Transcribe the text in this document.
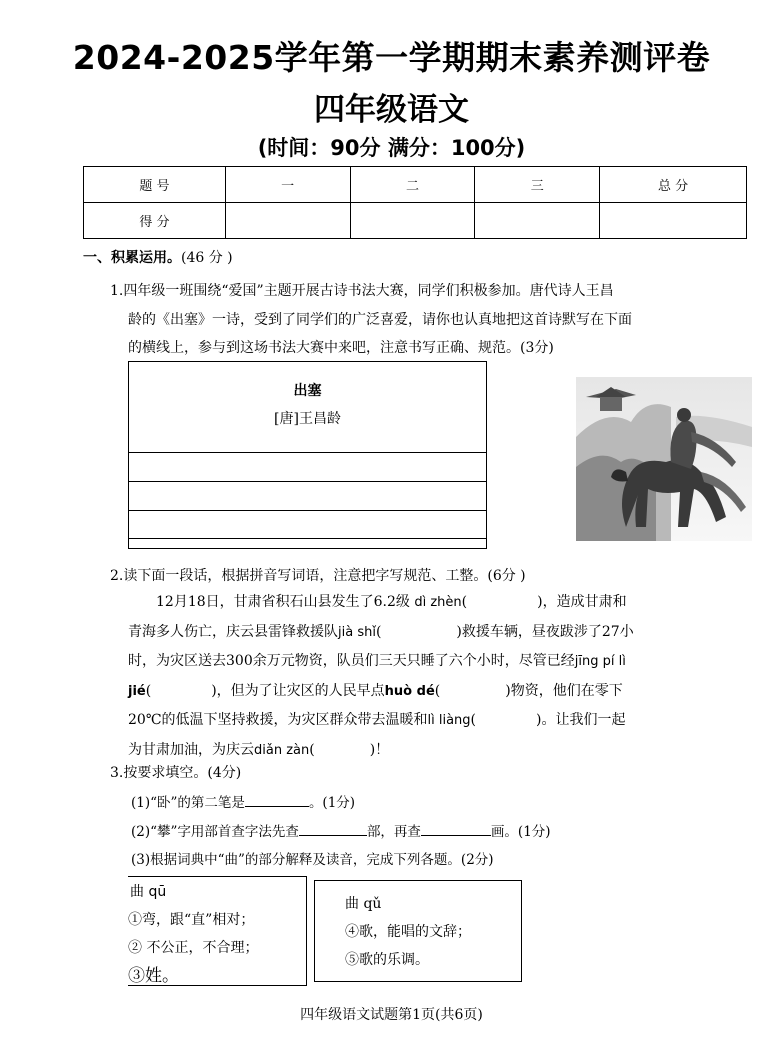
2024-2025学年第一学期期末素养测评卷
四年级语文
(时间：90分 满分：100分)
题 号	一	二	三	总 分
得 分				
一、积累运用。(46 分 )
1.四年级一班围绕“爱国”主题开展古诗书法大赛，同学们积极参加。唐代诗人王昌
龄的《出塞》一诗，受到了同学们的广泛喜爱，请你也认真地把这首诗默写在下面
的横线上，参与到这场书法大赛中来吧，注意书写正确、规范。(3分)
出塞
[唐]王昌龄
2.读下面一段话，根据拼音写词语，注意把字写规范、工整。(6分 )
12月18日，甘肃省积石山县发生了6.2级 dì zhèn(	)，造成甘肃和
青海多人伤亡，庆云县雷锋救援队jià shǐ(	)救援车辆，昼夜跋涉了27小
时，为灾区送去300余万元物资，队员们三天只睡了六个小时，尽管已经jīng pí lì
jié(	)，但为了让灾区的人民早点huò dé(	)物资，他们在零下
20℃的低温下坚持救援，为灾区群众带去温暖和lì liàng(	)。让我们一起
为甘肃加油，为庆云diǎn zàn(	)！
3.按要求填空。(4分)
(1)“卧”的第二笔是	。(1分)
(2)“攀”字用部首查字法先查	部，再查	画。(1分)
(3)根据词典中“曲”的部分解释及读音，完成下列各题。(2分)
曲 qū
①弯，跟“直”相对；
② 不公正，不合理；
③姓。
曲 qǔ
④歌，能唱的文辞；
⑤歌的乐调。
四年级语文试题第1页(共6页)
